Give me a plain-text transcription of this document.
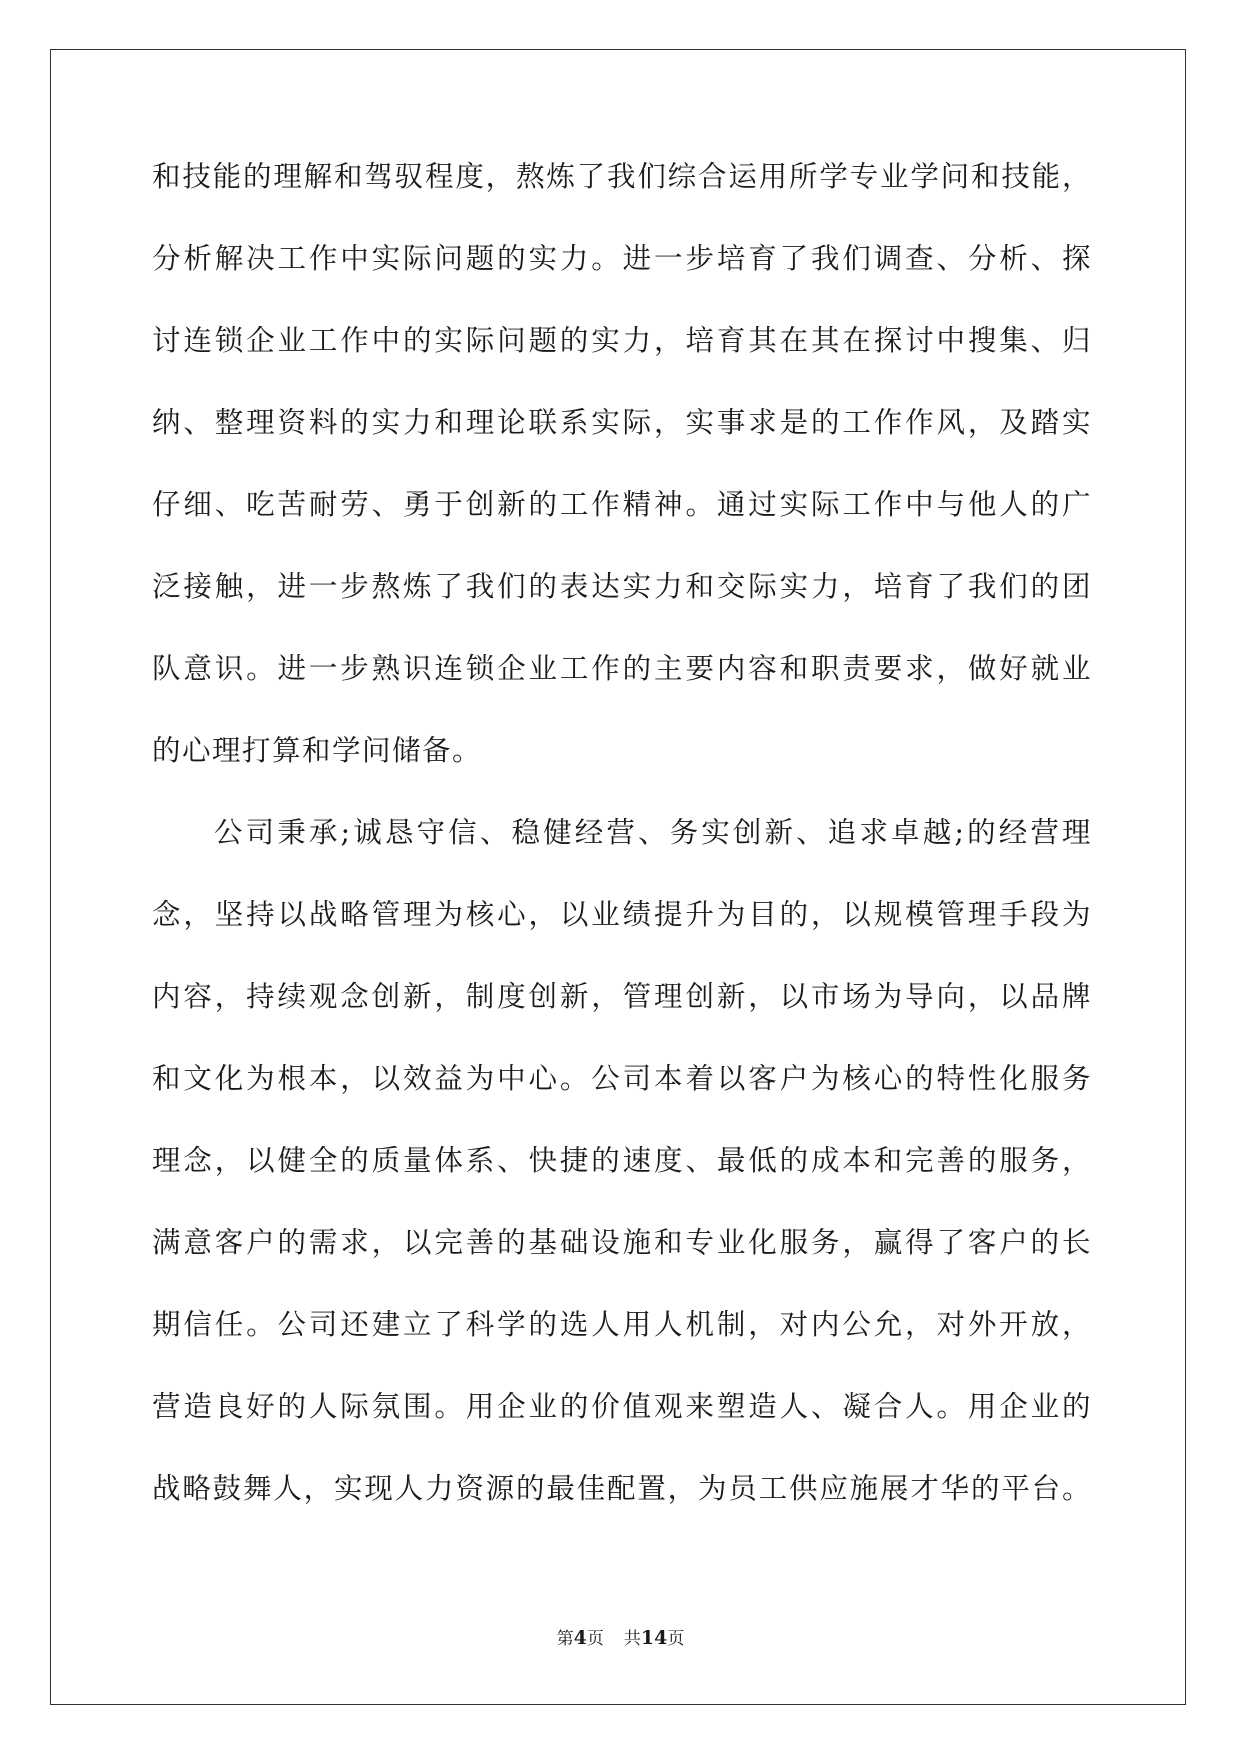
和技能的理解和驾驭程度，熬炼了我们综合运用所学专业学问和技能，
分析解决工作中实际问题的实力。进一步培育了我们调查、分析、探
讨连锁企业工作中的实际问题的实力，培育其在其在探讨中搜集、归
纳、整理资料的实力和理论联系实际，实事求是的工作作风，及踏实
仔细、吃苦耐劳、勇于创新的工作精神。通过实际工作中与他人的广
泛接触，进一步熬炼了我们的表达实力和交际实力，培育了我们的团
队意识。进一步熟识连锁企业工作的主要内容和职责要求，做好就业
的心理打算和学问储备。
公司秉承;诚恳守信、稳健经营、务实创新、追求卓越;的经营理
念，坚持以战略管理为核心，以业绩提升为目的，以规模管理手段为
内容，持续观念创新，制度创新，管理创新，以市场为导向，以品牌
和文化为根本，以效益为中心。公司本着以客户为核心的特性化服务
理念，以健全的质量体系、快捷的速度、最低的成本和完善的服务，
满意客户的需求，以完善的基础设施和专业化服务，赢得了客户的长
期信任。公司还建立了科学的选人用人机制，对内公允，对外开放，
营造良好的人际氛围。用企业的价值观来塑造人、凝合人。用企业的
战略鼓舞人，实现人力资源的最佳配置，为员工供应施展才华的平台。
第4页 共14页
